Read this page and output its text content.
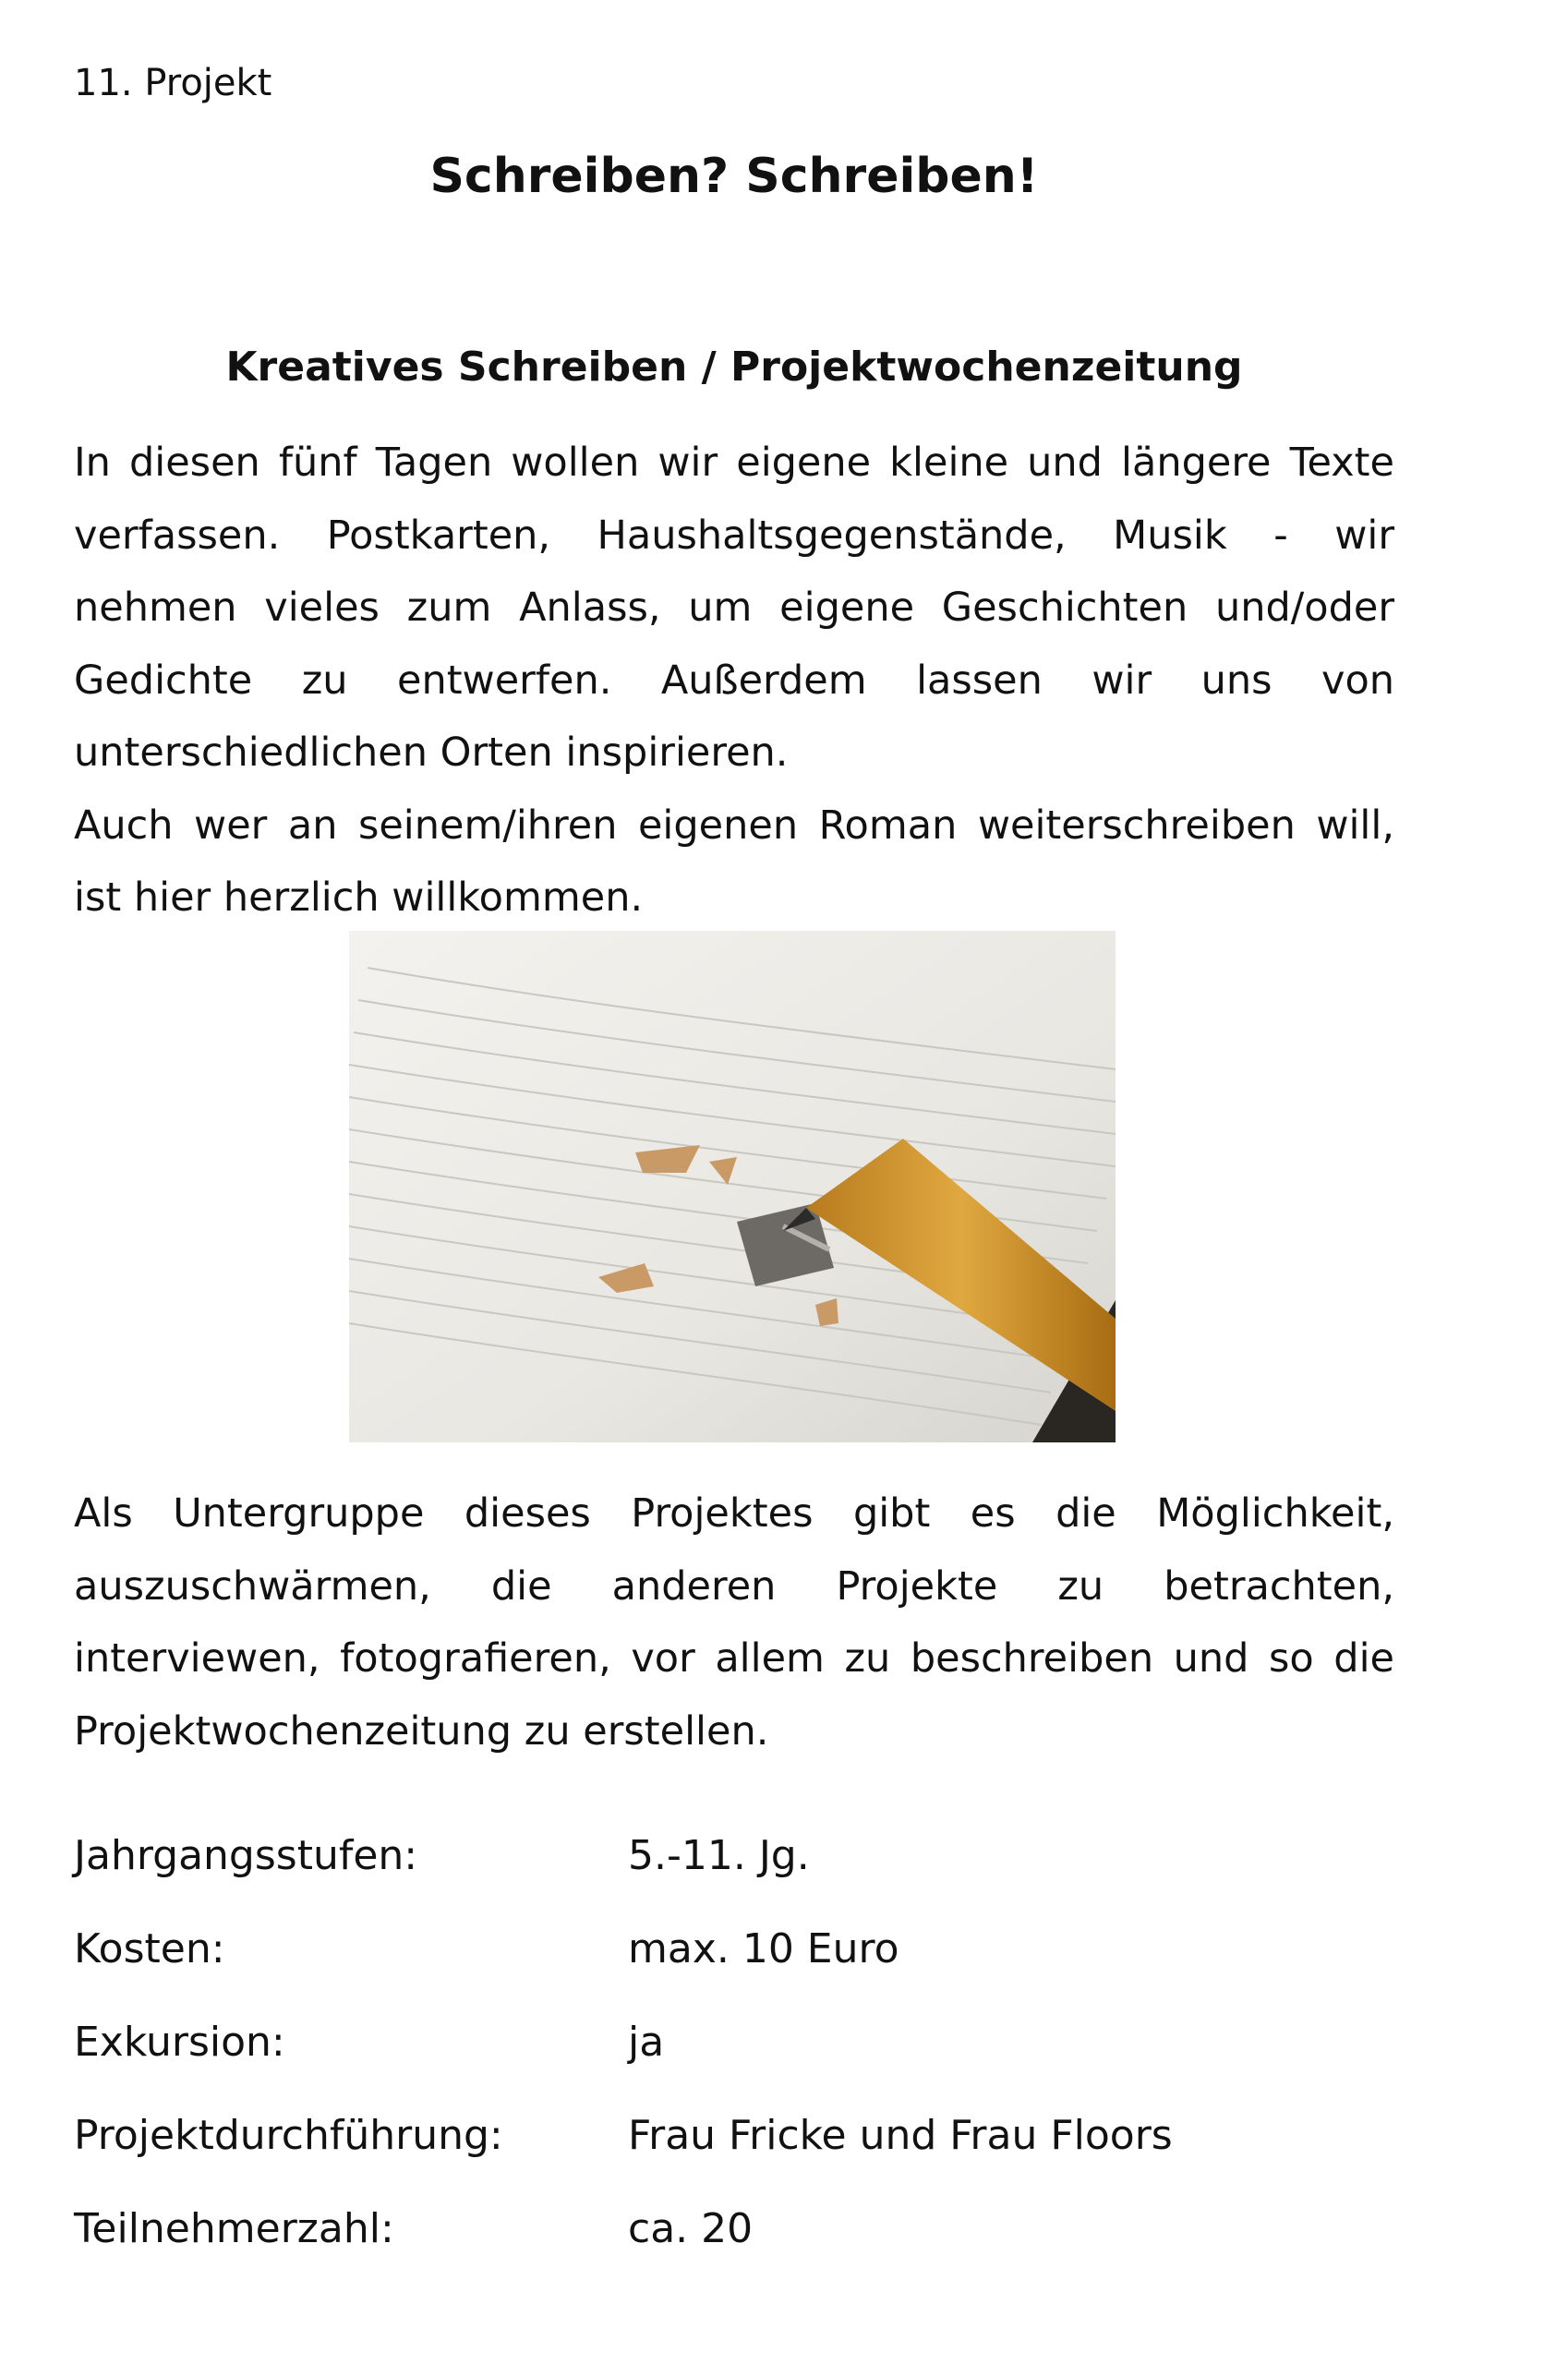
11. Projekt
Schreiben? Schreiben!
Kreatives Schreiben / Projektwochenzeitung
In diesen fünf Tagen wollen wir eigene kleine und längere Texte
verfassen. Postkarten, Haushaltsgegenstände, Musik - wir
nehmen vieles zum Anlass, um eigene Geschichten und/oder
Gedichte zu entwerfen. Außerdem lassen wir uns von
unterschiedlichen Orten inspirieren.
Auch wer an seinem/ihren eigenen Roman weiterschreiben will,
ist hier herzlich willkommen.
Als Untergruppe dieses Projektes gibt es die Möglichkeit,
auszuschwärmen, die anderen Projekte zu betrachten,
interviewen, fotografieren, vor allem zu beschreiben und so die
Projektwochenzeitung zu erstellen.
Jahrgangsstufen:	5.-11. Jg.
Kosten:	max. 10 Euro
Exkursion:	ja
Projektdurchführung:	Frau Fricke und Frau Floors
Teilnehmerzahl:	ca. 20
